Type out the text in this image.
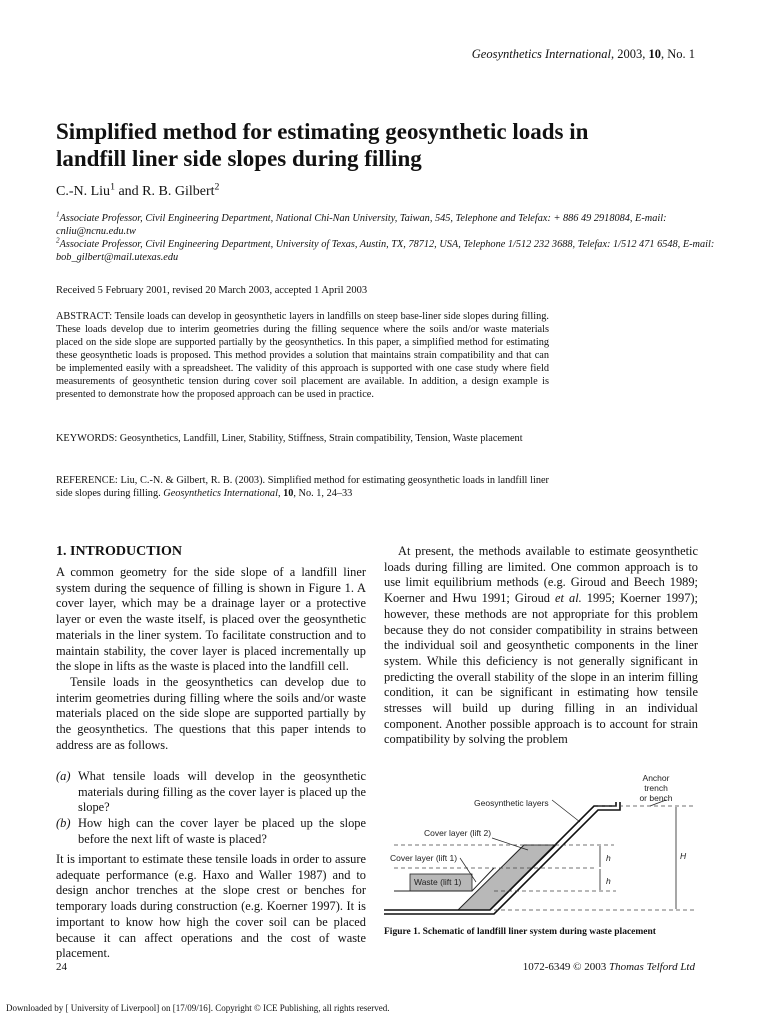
Geosynthetics International, 2003, 10, No. 1
Simplified method for estimating geosynthetic loads in landfill liner side slopes during filling
C.-N. Liu$^1$ and R. B. Gilbert$^2$

$^1$Associate Professor, Civil Engineering Department, National Chi-Nan University, Taiwan, 545, Telephone and Telefax: + 886 49 2918084, E-mail: cnliu@ncnu.edu.tw

$^2$Associate Professor, Civil Engineering Department, University of Texas, Austin, TX, 78712, USA, Telephone 1/512 232 3688, Telefax: 1/512 471 6548, E-mail: bob_gilbert@mail.utexas.edu

Received 5 February 2001, revised 20 March 2003, accepted 1 April 2003
ABSTRACT: Tensile loads can develop in geosynthetic layers in landfills on steep base-liner side slopes during filling. These loads develop due to interim geometries during the filling sequence where the soils and/or waste materials placed on the side slope are supported partially by the geosynthetics. In this paper, a simplified method for estimating these geosynthetic loads is proposed. This method provides a solution that maintains strain compatibility and that can be implemented easily with a spreadsheet. The validity of this approach is supported with one case study where field measurements of geosynthetic tension during cover soil placement are available. In addition, a design example is presented to demonstrate how the proposed approach can be used in practice.
KEYWORDS: Geosynthetics, Landfill, Liner, Stability, Stiffness, Strain compatibility, Tension, Waste placement
REFERENCE: Liu, C.-N. & Gilbert, R. B. (2003). Simplified method for estimating geosynthetic loads in landfill liner side slopes during filling. Geosynthetics International, 10, No. 1, 24–33
1. INTRODUCTION
A common geometry for the side slope of a landfill liner system during the sequence of filling is shown in Figure 1. A cover layer, which may be a drainage layer or a protective layer or even the waste itself, is placed over the geosynthetic materials in the liner system. To facilitate construction and to maintain stability, the cover layer is placed incrementally up the slope in lifts as the waste is placed into the landfill cell.
Tensile loads in the geosynthetics can develop due to interim geometries during filling where the soils and/or waste materials placed on the side slope are supported partially by the geosynthetics. The questions that this paper intends to address are as follows.
(a) What tensile loads will develop in the geosynthetic materials during filling as the cover layer is placed up the slope?
(b) How high can the cover layer be placed up the slope before the next lift of waste is placed?
It is important to estimate these tensile loads in order to assure adequate performance (e.g. Haxo and Waller 1987) and to design anchor trenches at the slope crest or benches for temporary loads during construction (e.g. Koerner 1997). It is important to know how high the cover soil can be placed because it can affect operations and the cost of waste placement.
At present, the methods available to estimate geosynthetic loads during filling are limited. One common approach is to use limit equilibrium methods (e.g. Giroud and Beech 1989; Koerner and Hwu 1991; Giroud et al. 1995; Koerner 1997); however, these methods are not appropriate for this problem because they do not consider compatibility in strains between the individual soil and geosynthetic components in the liner system. While this deficiency is not generally significant in predicting the overall stability of the slope in an interim filling condition, it can be significant in estimating how tensile stresses will build up during filling in an individual component. Another possible approach is to account for strain compatibility by solving the problem
Anchor
trench
or bench
Geosynthetic layers
Cover layer (lift 2)
Cover layer (lift 1)
Waste (lift 1)
h
h
H
Figure 1. Schematic of landfill liner system during waste placement
24	1072-6349 © 2003 Thomas Telford Ltd
Downloaded by [ University of Liverpool] on [17/09/16]. Copyright © ICE Publishing, all rights reserved.
